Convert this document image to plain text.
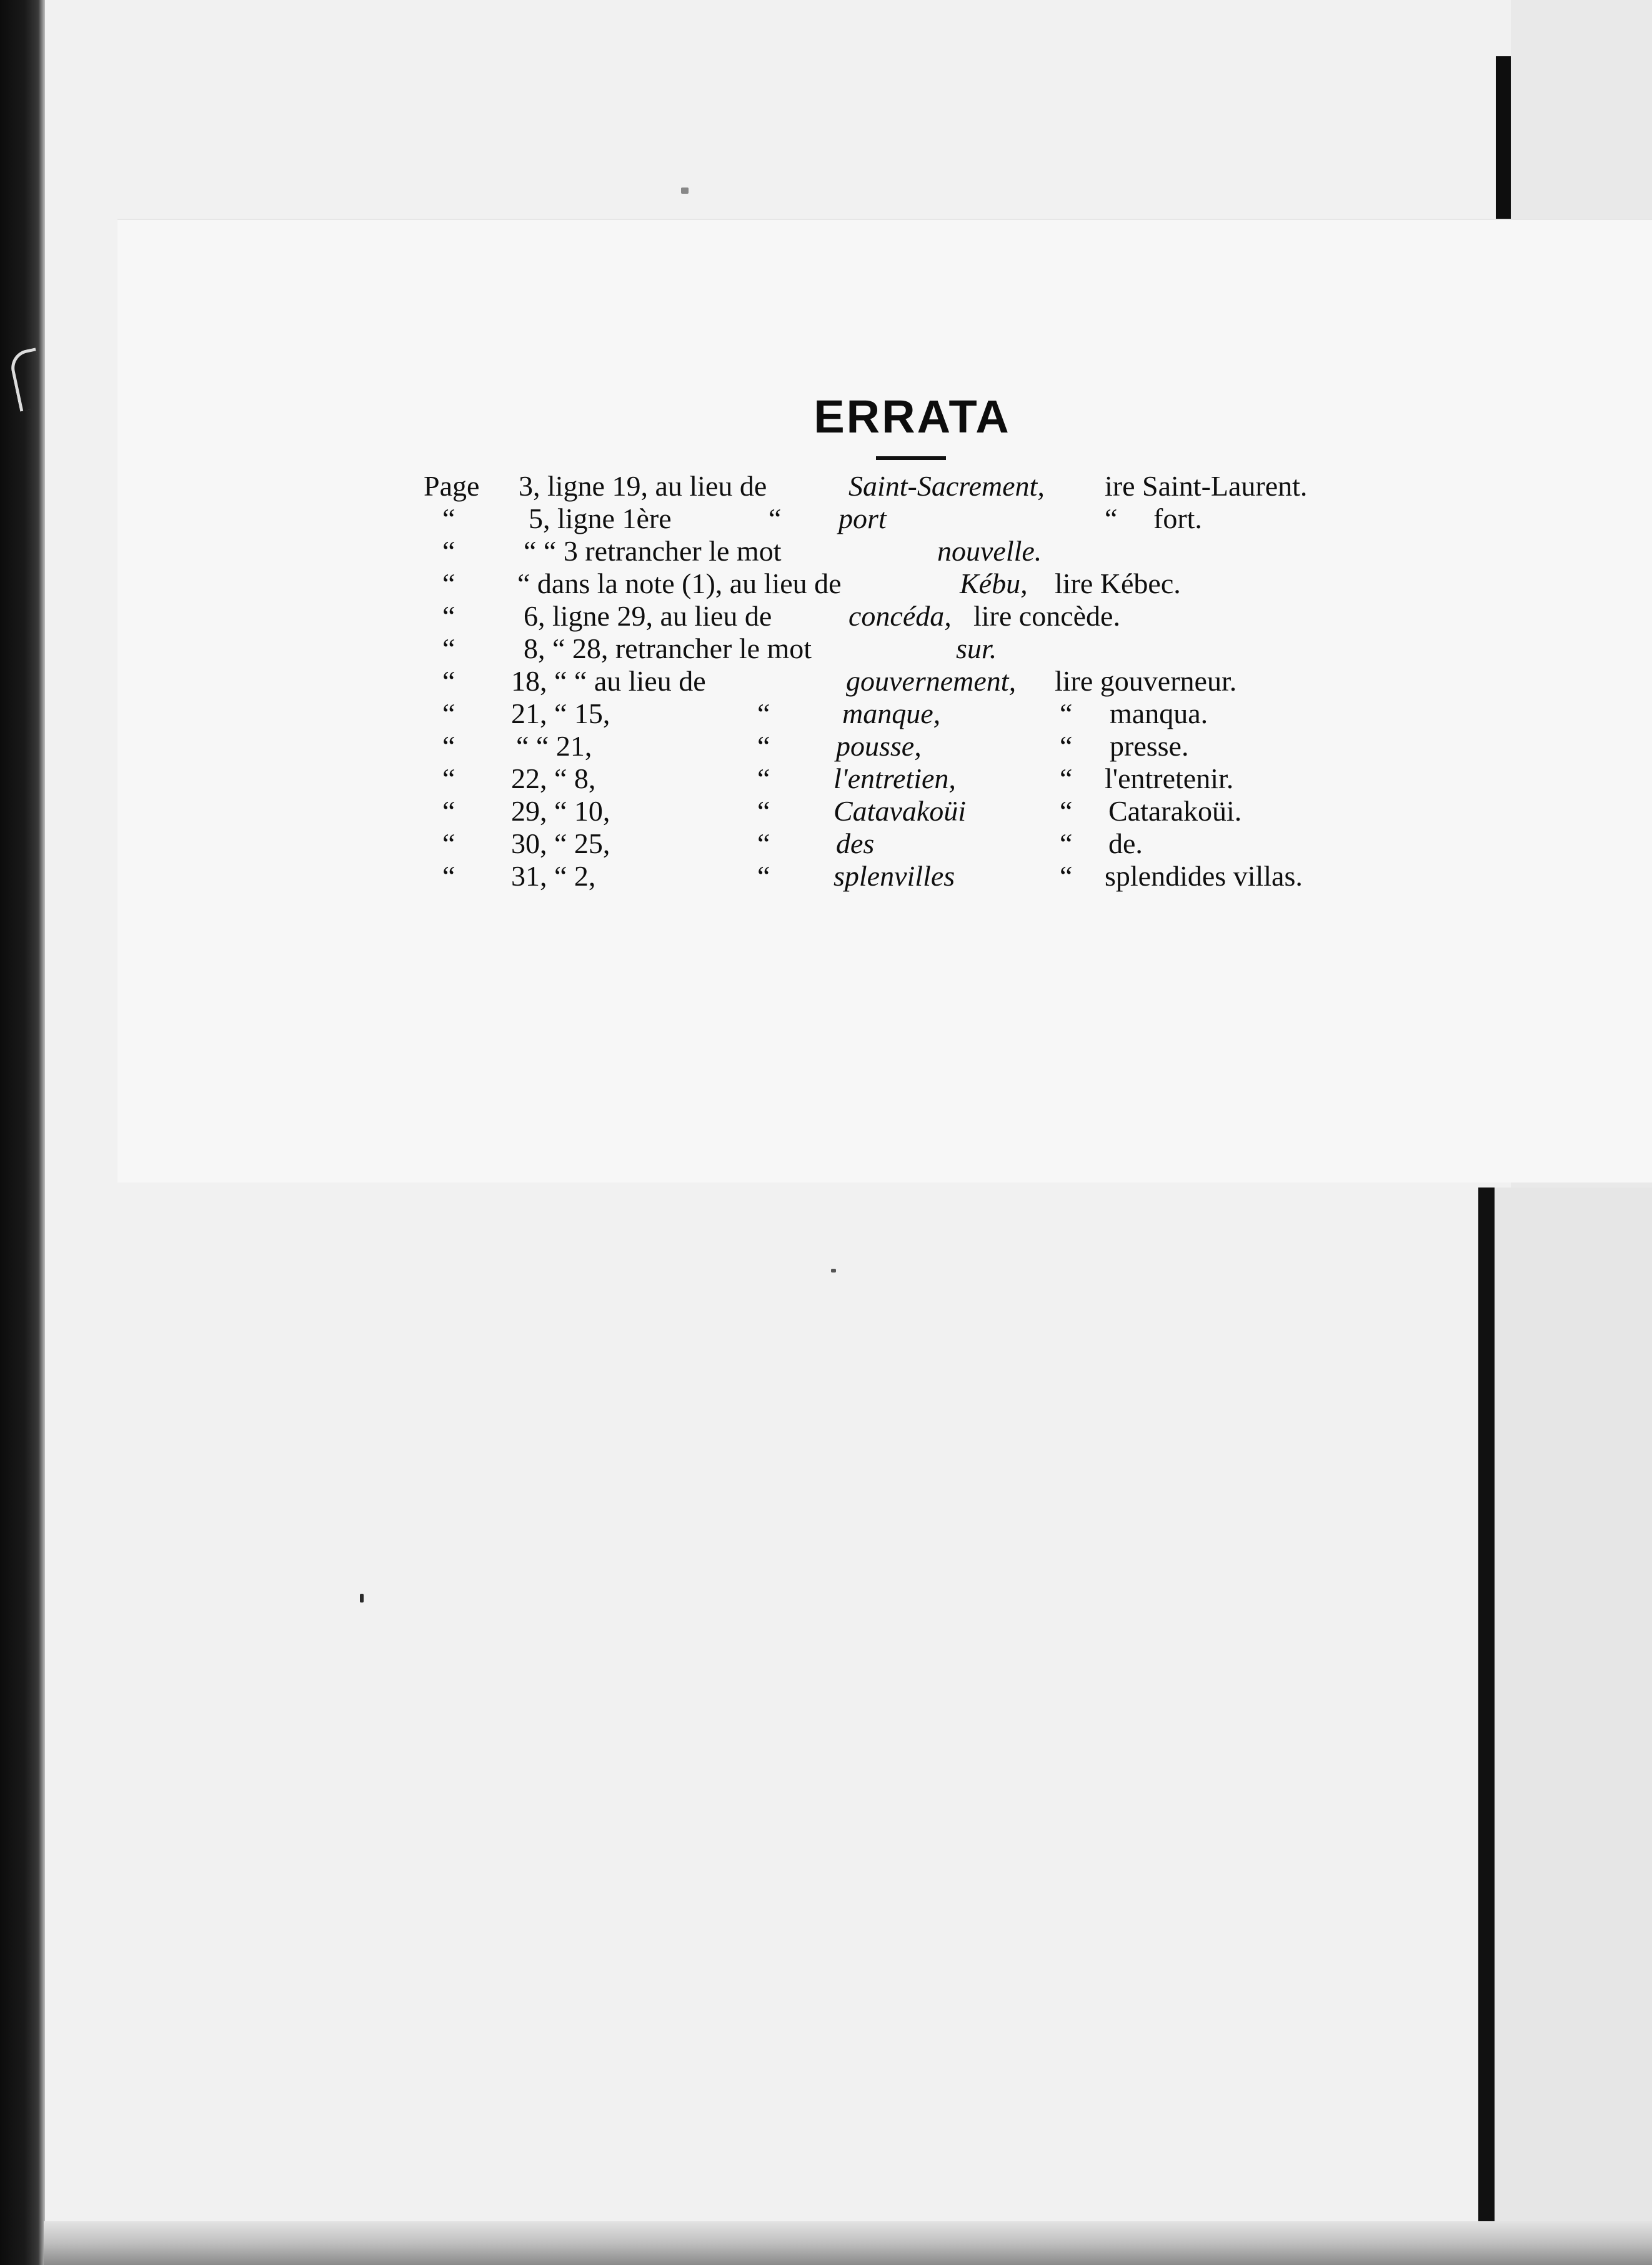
ERRATA
Page 3, ligne 19, au lieu de	Saint-Sacrement, ire Saint-Laurent.
“	5, ligne 1ère	“ port	“ fort.
“ “ “ 3 retrancher le mot	nouvelle.
“ “ dans la note (1), au lieu de	Kébu, lire Kébec.
“ 6, ligne 29, au lieu de	concéda, lire concède.
“ 8, “ 28, retrancher le mot	sur.
“ 18, “ “ au lieu de	gouvernement, lire gouverneur.
“ 21, “ 15,	“	manque,	“ manqua.
“ “ “ 21,	“ pousse,	“ presse.
“ 22, “ 8,	“ l'entretien,	“ l'entretenir.
“ 29, “ 10,	“ Catavakoüi	“ Catarakoüi.
“ 30, “ 25,	“ des	“ de.
“ 31, “ 2,	“ splenvilles	“ splendides villas.
